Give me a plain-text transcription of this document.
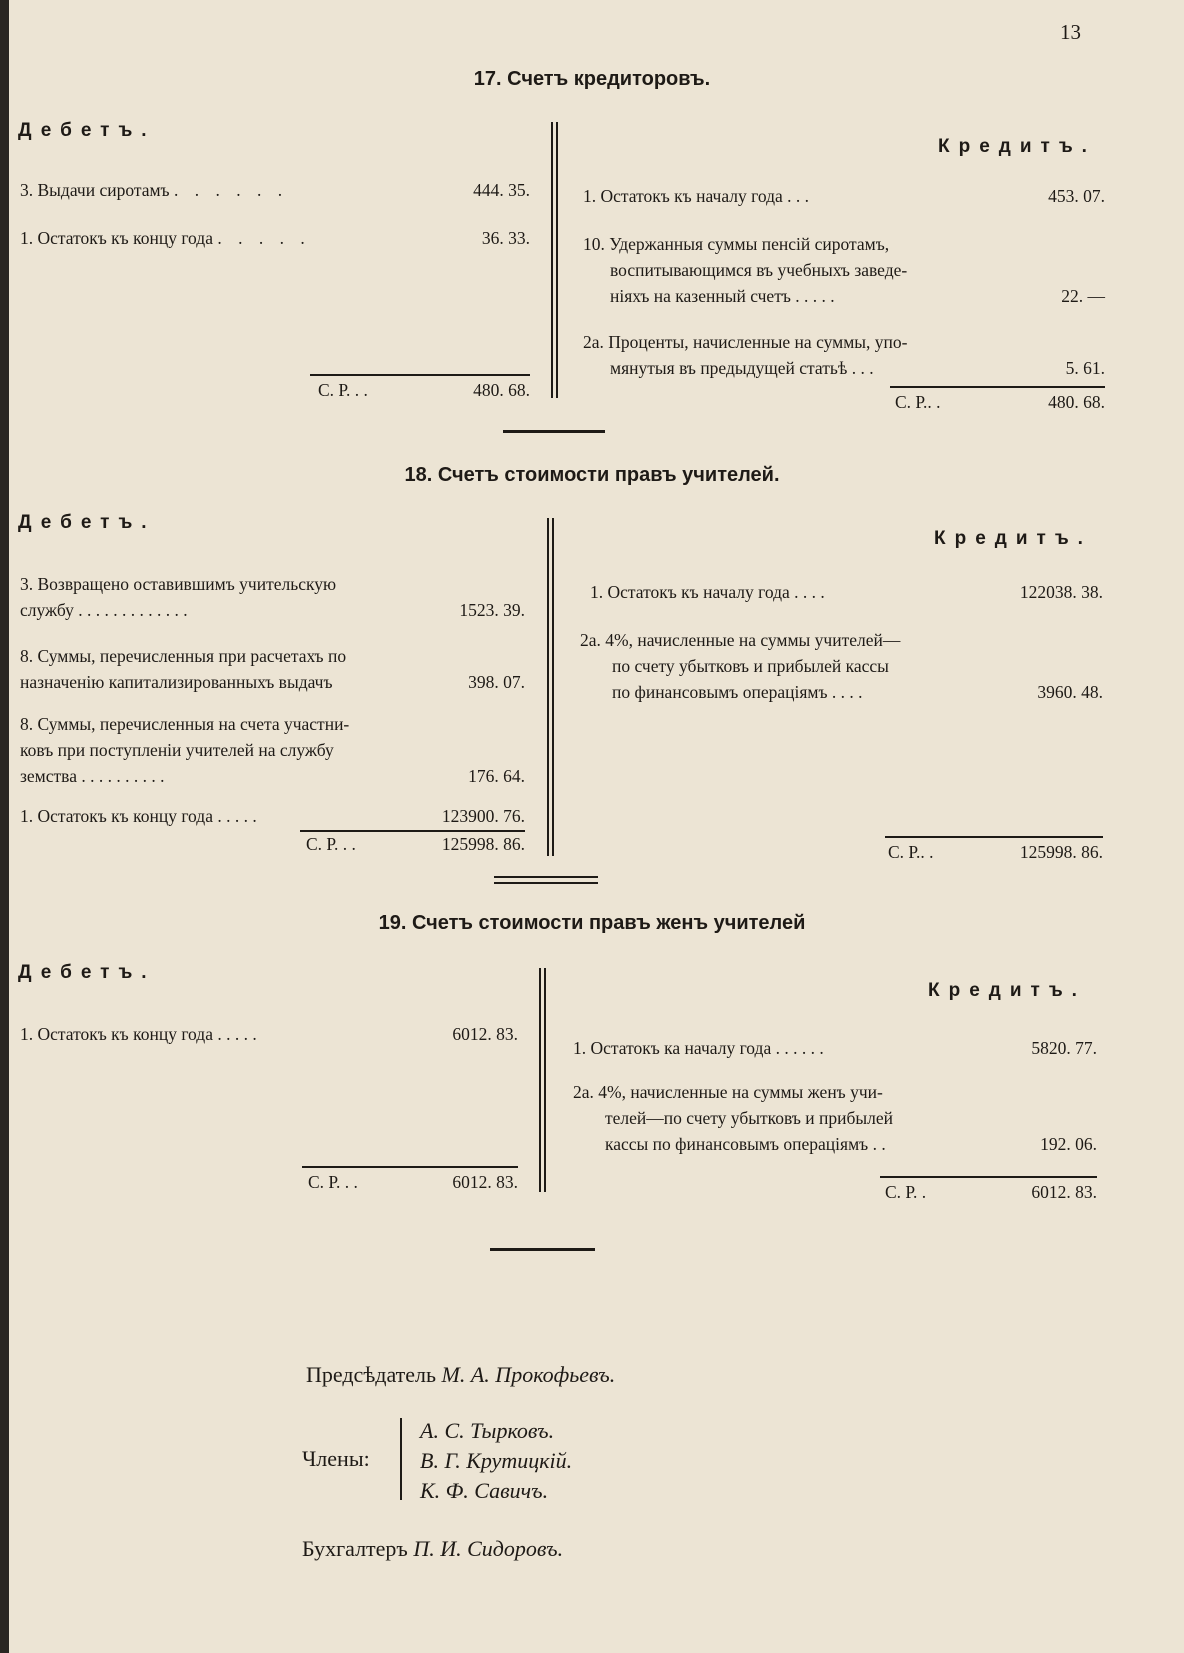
13
17. Счетъ кредиторовъ.
Дебетъ.
Кредитъ.
3. Выдачи сиротамъ . . . . . .	444. 35.
1. Остатокъ къ концу года . . . . .	36. 33.
С. Р. . .	480. 68.
1. Остатокъ къ началу года . . .	453. 07.
10. Удержанныя суммы пенсій сиротамъ,
воспитывающимся въ учебныхъ заведе-
ніяхъ на казенный счетъ . . . . .	22. —
2а. Проценты, начисленные на суммы, упо-
мянутыя въ предыдущей статьѣ . . .	5. 61.
С. Р.. .	480. 68.
18. Счетъ стоимости правъ учителей.
Дебетъ.
Кредитъ.
3. Возвращено оставившимъ учительскую
службу . . . . . . . . . . . . .	1523. 39.
8. Суммы, перечисленныя при расчетахъ по
назначенію капитализированныхъ выдачъ	398. 07.
8. Суммы, перечисленныя на счета участни-
ковъ при поступленіи учителей на службу
земства . . . . . . . . . .	176. 64.
1. Остатокъ къ концу года . . . . .	123900. 76.
С. Р. . .	125998. 86.
1. Остатокъ къ началу года . . . .	122038. 38.
2а. 4%, начисленные на суммы учителей—
по счету убытковъ и прибылей кассы
по финансовымъ операціямъ . . . .	3960. 48.
С. Р.. .	125998. 86.
19. Счетъ стоимости правъ женъ учителей
Дебетъ.
Кредитъ.
1. Остатокъ къ концу года . . . . .	6012. 83.
С. Р. . .	6012. 83.
1. Остатокъ ка началу года . . . . . .	5820. 77.
2а. 4%, начисленные на суммы женъ учи-
телей—по счету убытковъ и прибылей
кассы по финансовымъ операціямъ . .	192. 06.
С. Р. .	6012. 83.
Предсѣдатель М. А. Прокофьевъ.
Члены:
А. С. Тырковъ.
В. Г. Крутицкій.
К. Ф. Савичъ.
Бухгалтеръ П. И. Сидоровъ.
